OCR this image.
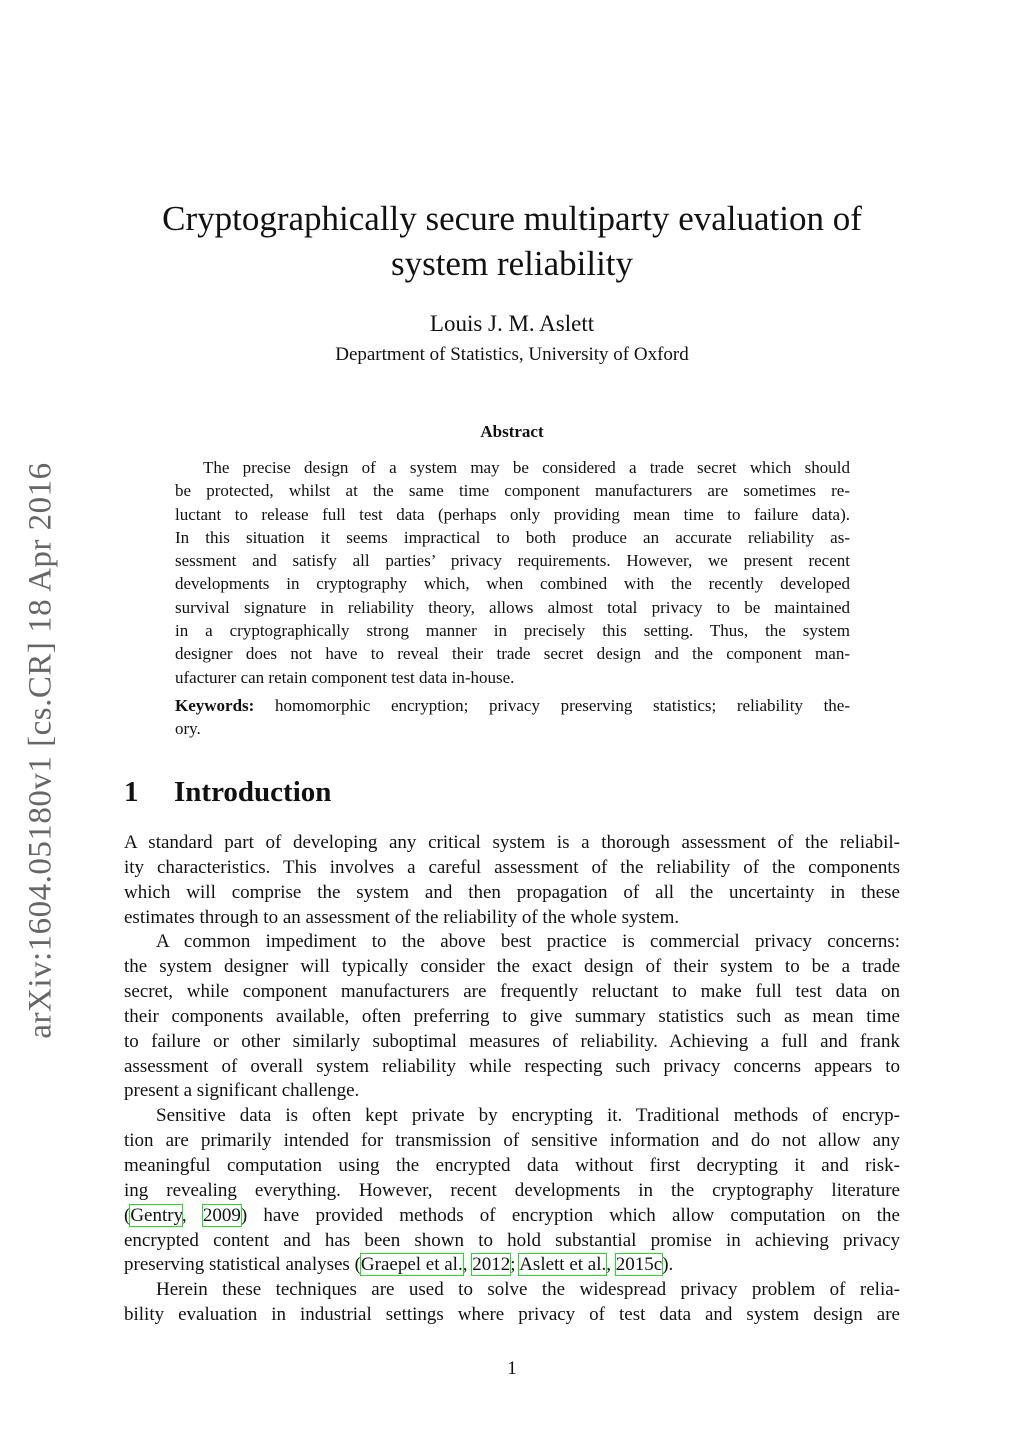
arXiv:1604.05180v1 [cs.CR] 18 Apr 2016
Cryptographically secure multiparty evaluation of
system reliability
Louis J. M. Aslett
Department of Statistics, University of Oxford
Abstract
The precise design of a system may be considered a trade secret which should
be protected, whilst at the same time component manufacturers are sometimes re-
luctant to release full test data (perhaps only providing mean time to failure data).
In this situation it seems impractical to both produce an accurate reliability as-
sessment and satisfy all parties’ privacy requirements. However, we present recent
developments in cryptography which, when combined with the recently developed
survival signature in reliability theory, allows almost total privacy to be maintained
in a cryptographically strong manner in precisely this setting. Thus, the system
designer does not have to reveal their trade secret design and the component man-
ufacturer can retain component test data in-house.
Keywords: homomorphic encryption; privacy preserving statistics; reliability the-
ory.
1 Introduction
A standard part of developing any critical system is a thorough assessment of the reliabil-
ity characteristics. This involves a careful assessment of the reliability of the components
which will comprise the system and then propagation of all the uncertainty in these
estimates through to an assessment of the reliability of the whole system.
A common impediment to the above best practice is commercial privacy concerns:
the system designer will typically consider the exact design of their system to be a trade
secret, while component manufacturers are frequently reluctant to make full test data on
their components available, often preferring to give summary statistics such as mean time
to failure or other similarly suboptimal measures of reliability. Achieving a full and frank
assessment of overall system reliability while respecting such privacy concerns appears to
present a significant challenge.
Sensitive data is often kept private by encrypting it. Traditional methods of encryp-
tion are primarily intended for transmission of sensitive information and do not allow any
meaningful computation using the encrypted data without first decrypting it and risk-
ing revealing everything. However, recent developments in the cryptography literature
(Gentry, 2009) have provided methods of encryption which allow computation on the
encrypted content and has been shown to hold substantial promise in achieving privacy
preserving statistical analyses (Graepel et al., 2012; Aslett et al., 2015c).
Herein these techniques are used to solve the widespread privacy problem of relia-
bility evaluation in industrial settings where privacy of test data and system design are
1
